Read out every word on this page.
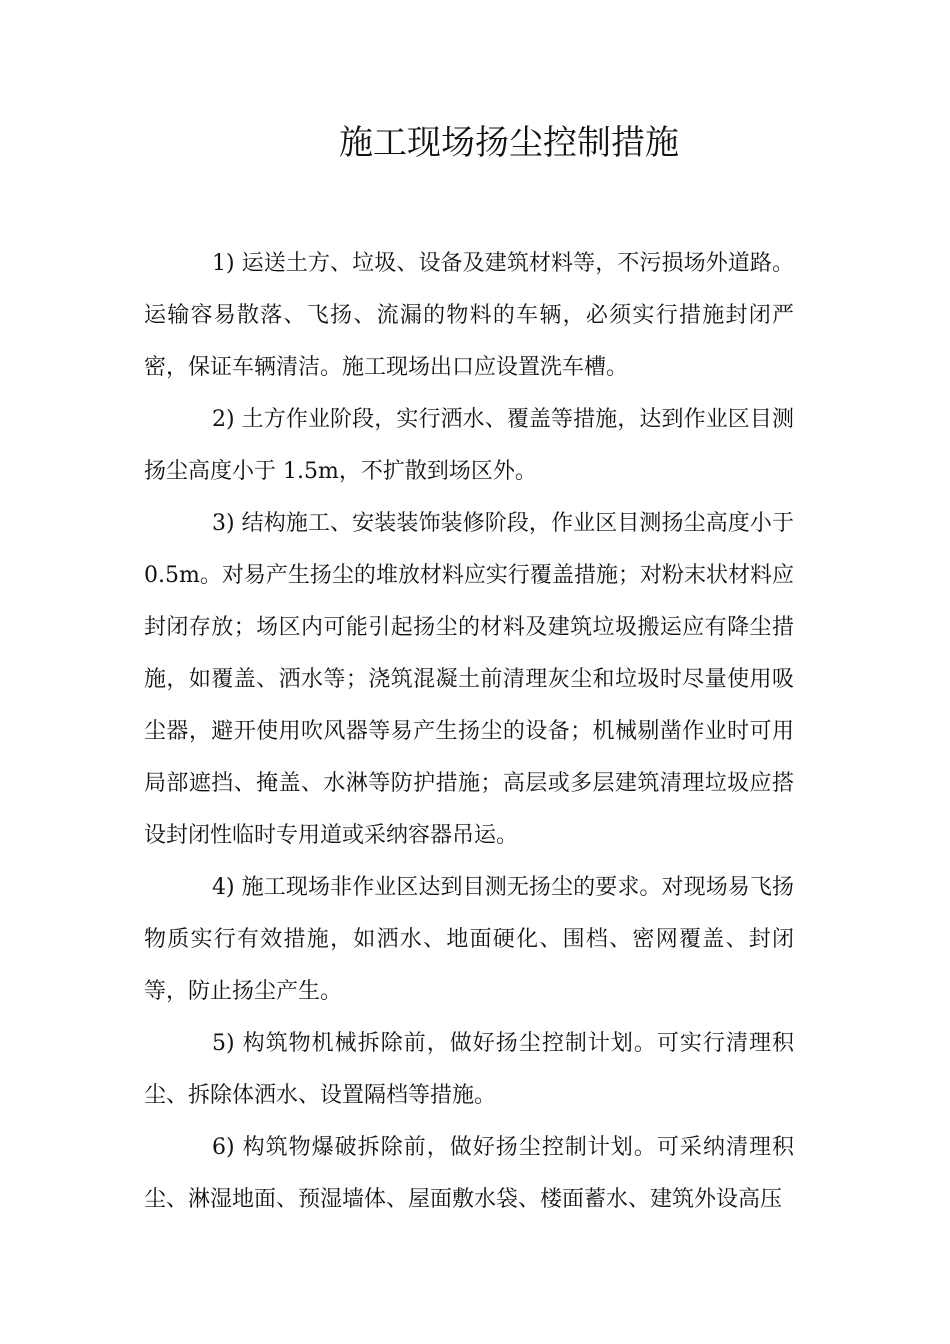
施工现场扬尘控制措施

1) 运送土方、垃圾、设备及建筑材料等，不污损场外道路。运输容易散落、飞扬、流漏的物料的车辆，必须实行措施封闭严密，保证车辆清洁。施工现场出口应设置洗车槽。

2) 土方作业阶段，实行洒水、覆盖等措施，达到作业区目测扬尘高度小于 1.5m，不扩散到场区外。

3) 结构施工、安装装饰装修阶段，作业区目测扬尘高度小于 0.5m。对易产生扬尘的堆放材料应实行覆盖措施；对粉末状材料应封闭存放；场区内可能引起扬尘的材料及建筑垃圾搬运应有降尘措施，如覆盖、洒水等；浇筑混凝土前清理灰尘和垃圾时尽量使用吸尘器，避开使用吹风器等易产生扬尘的设备；机械剔凿作业时可用局部遮挡、掩盖、水淋等防护措施；高层或多层建筑清理垃圾应搭设封闭性临时专用道或采纳容器吊运。

4) 施工现场非作业区达到目测无扬尘的要求。对现场易飞扬物质实行有效措施，如洒水、地面硬化、围档、密网覆盖、封闭等，防止扬尘产生。

5) 构筑物机械拆除前，做好扬尘控制计划。可实行清理积尘、拆除体洒水、设置隔档等措施。

6) 构筑物爆破拆除前，做好扬尘控制计划。可采纳清理积尘、淋湿地面、预湿墙体、屋面敷水袋、楼面蓄水、建筑外设高压
